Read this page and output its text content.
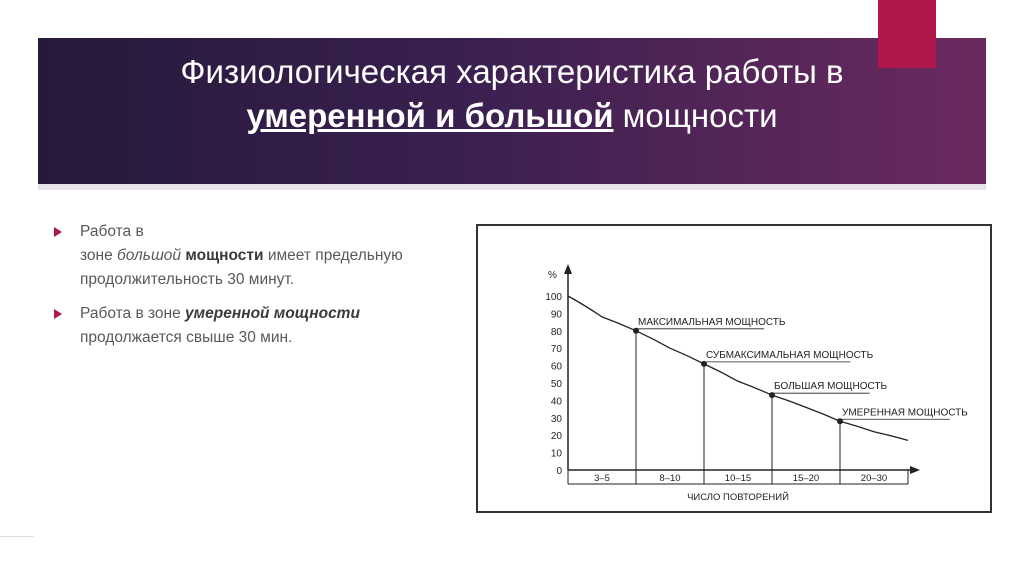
Физиологическая характеристика работы в
умеренной и большой мощности
Работа в
зоне большой мощности имеет предельную продолжительность 30 минут.
Работа в зоне умеренной мощности продолжается свыше 30 мин.
%
0
10
20
30
40
50
60
70
80
90
100
3–5	8–10	10–15	15–20	20–30
ЧИСЛО ПОВТОРЕНИЙ
МАКСИМАЛЬНАЯ МОЩНОСТЬ
СУБМАКСИМАЛЬНАЯ МОЩНОСТЬ
БОЛЬШАЯ МОЩНОСТЬ
УМЕРЕННАЯ МОЩНОСТЬ
